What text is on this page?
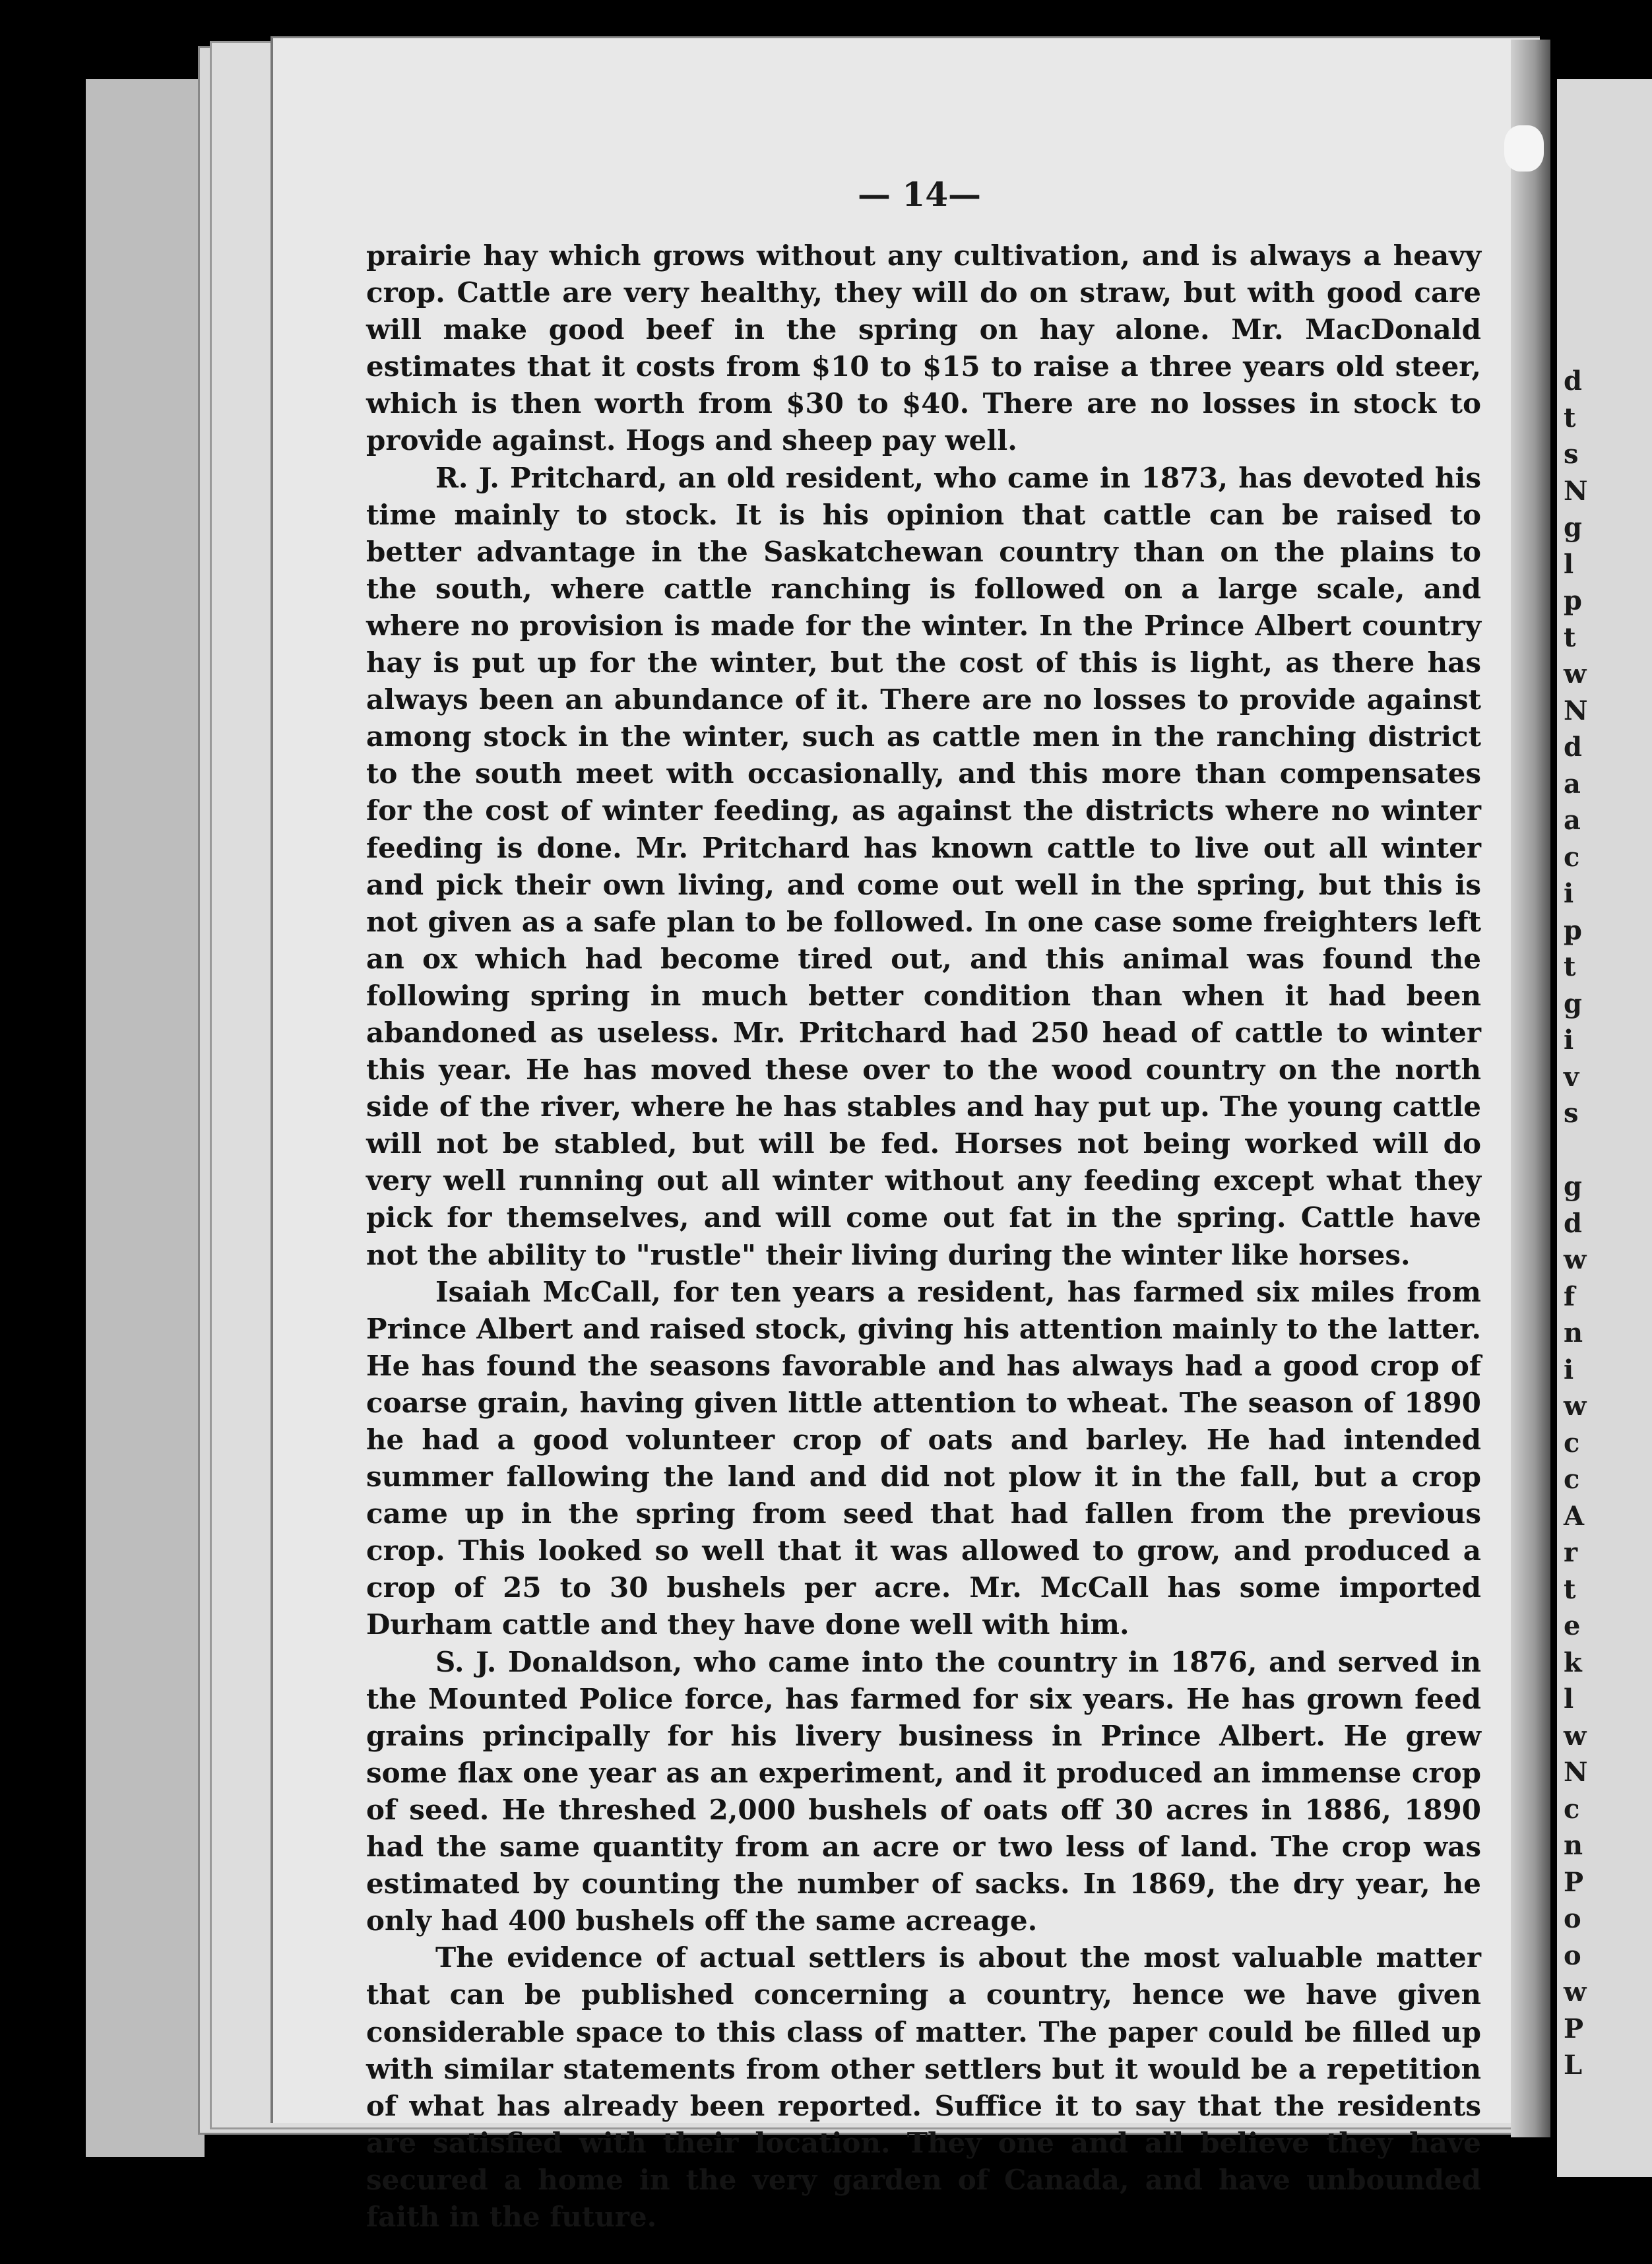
— 14—

prairie hay which grows without any cultivation, and is always a heavy crop. Cattle are very healthy, they will do on straw, but with good care will make good beef in the spring on hay alone. Mr. MacDonald estimates that it costs from $10 to $15 to raise a three years old steer, which is then worth from $30 to $40. There are no losses in stock to provide against. Hogs and sheep pay well.

R. J. Pritchard, an old resident, who came in 1873, has devoted his time mainly to stock. It is his opinion that cattle can be raised to better advantage in the Saskatchewan country than on the plains to the south, where cattle ranching is followed on a large scale, and where no provision is made for the winter. In the Prince Albert country hay is put up for the winter, but the cost of this is light, as there has always been an abundance of it. There are no losses to provide against among stock in the winter, such as cattle men in the ranching district to the south meet with occasionally, and this more than compensates for the cost of winter feeding, as against the districts where no winter feeding is done. Mr. Pritchard has known cattle to live out all winter and pick their own living, and come out well in the spring, but this is not given as a safe plan to be followed. In one case some freighters left an ox which had become tired out, and this animal was found the following spring in much better condition than when it had been abandoned as useless. Mr. Pritchard had 250 head of cattle to winter this year. He has moved these over to the wood country on the north side of the river, where he has stables and hay put up. The young cattle will not be stabled, but will be fed. Horses not being worked will do very well running out all winter without any feeding except what they pick for themselves, and will come out fat in the spring. Cattle have not the ability to "rustle" their living during the winter like horses.

Isaiah McCall, for ten years a resident, has farmed six miles from Prince Albert and raised stock, giving his attention mainly to the latter. He has found the seasons favorable and has always had a good crop of coarse grain, having given little attention to wheat. The season of 1890 he had a good volunteer crop of oats and barley. He had intended summer fallowing the land and did not plow it in the fall, but a crop came up in the spring from seed that had fallen from the previous crop. This looked so well that it was allowed to grow, and produced a crop of 25 to 30 bushels per acre. Mr. McCall has some imported Durham cattle and they have done well with him.

S. J. Donaldson, who came into the country in 1876, and served in the Mounted Police force, has farmed for six years. He has grown feed grains principally for his livery business in Prince Albert. He grew some flax one year as an experiment, and it produced an immense crop of seed. He threshed 2,000 bushels of oats off 30 acres in 1886, 1890 had the same quantity from an acre or two less of land. The crop was estimated by counting the number of sacks. In 1869, the dry year, he only had 400 bushels off the same acreage.

The evidence of actual settlers is about the most valuable matter that can be published concerning a country, hence we have given considerable space to this class of matter. The paper could be filled up with similar statements from other settlers but it would be a repetition of what has already been reported. Suffice it to say that the residents are satisfied with their location. They one and all believe they have secured a home in the very garden of Canada, and have unbounded faith in the future.

d
t
s
N
g
l
p
t
w
N
d
a
a
c
i
p
t
g
i
v
s

g
d
w
f
n
i
w
c
c
A
r
t
e
k
l
w
N
c
n
P
o
o
w
P
L
